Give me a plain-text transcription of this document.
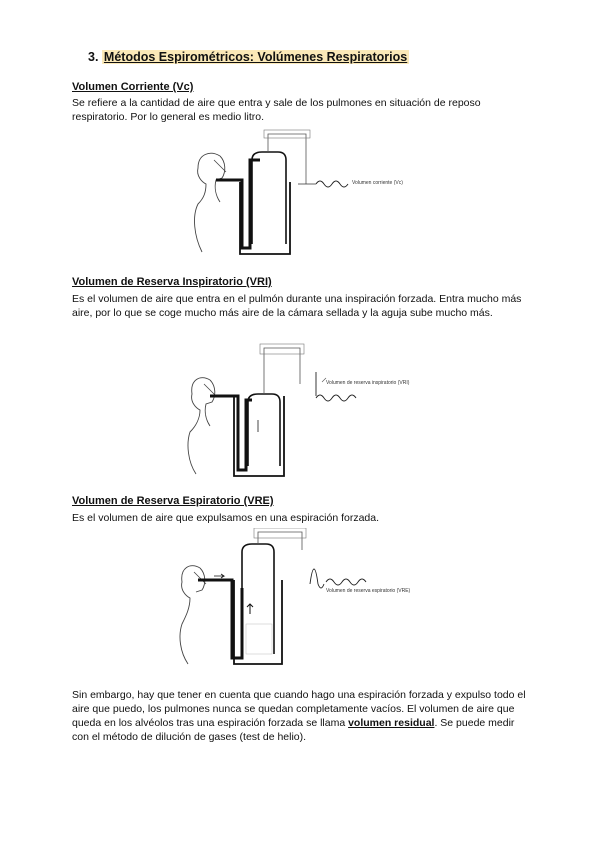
3. Métodos Espirométricos: Volúmenes Respiratorios
Volumen Corriente (Vc)
Se refiere a la cantidad de aire que entra y sale de los pulmones en situación de reposo respiratorio. Por lo general es medio litro.
Volumen corriente (Vc)
Volumen de Reserva Inspiratorio (VRI)
Es el volumen de aire que entra en el pulmón durante una inspiración forzada. Entra mucho más aire, por lo que se coge mucho más aire de la cámara sellada y la aguja sube mucho más.
Volumen de reserva inspiratorio (VRI)
Volumen de Reserva Espiratorio (VRE)
Es el volumen de aire que expulsamos en una espiración forzada.
Volumen de reserva espiratorio (VRE)
Sin embargo, hay que tener en cuenta que cuando hago una espiración forzada y expulso todo el aire que puedo, los pulmones nunca se quedan completamente vacíos. El volumen de aire que queda en los alvéolos tras una espiración forzada se llama volumen residual. Se puede medir con el método de dilución de gases (test de helio).
